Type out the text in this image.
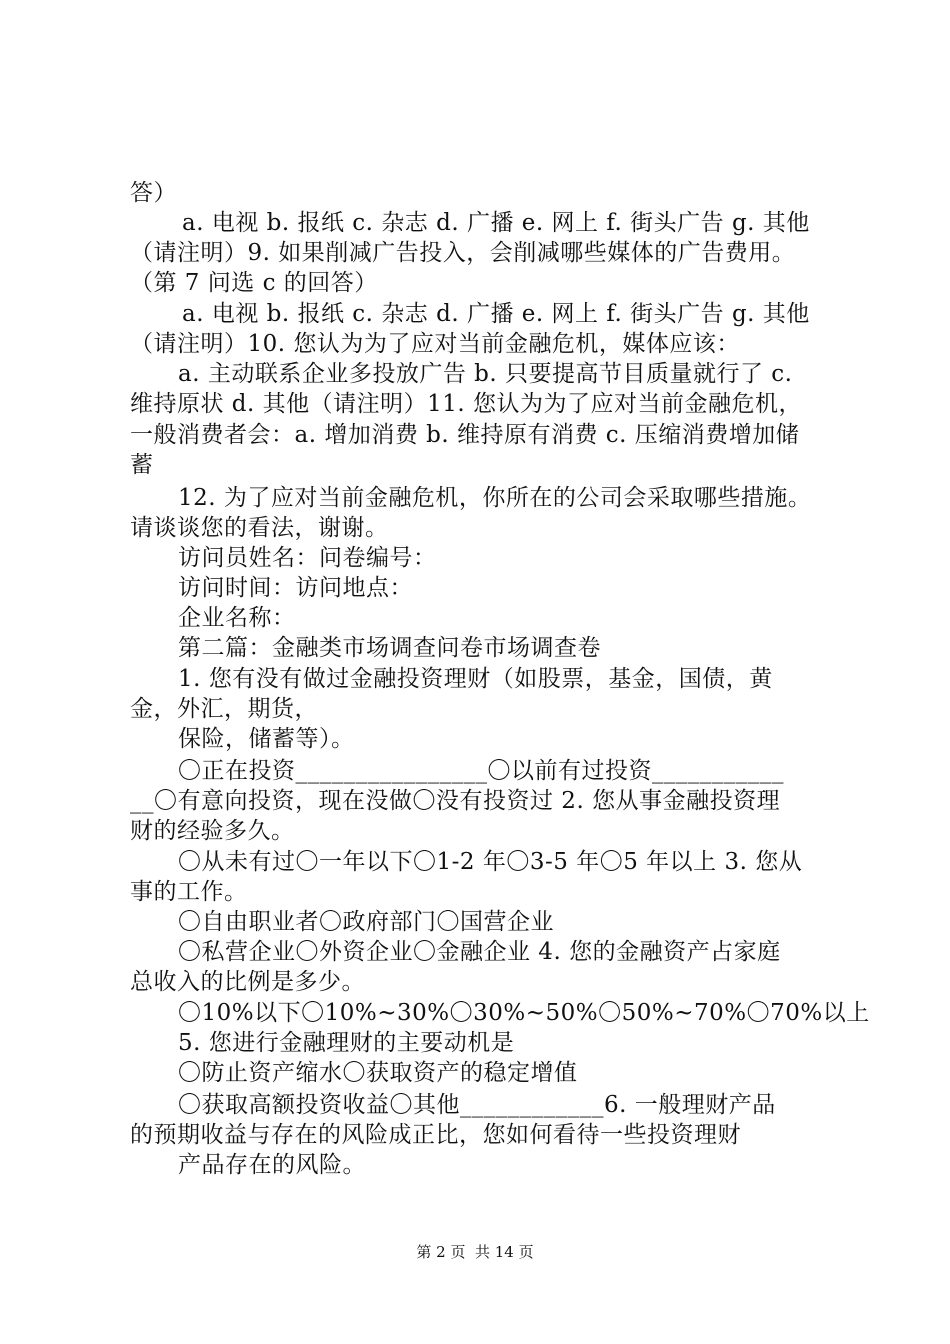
答）
a. 电视 b. 报纸 c. 杂志 d. 广播 e. 网上 f. 街头广告 g. 其他
（请注明）9. 如果削减广告投入，会削减哪些媒体的广告费用。
（第 7 问选 c 的回答）
a. 电视 b. 报纸 c. 杂志 d. 广播 e. 网上 f. 街头广告 g. 其他
（请注明）10. 您认为为了应对当前金融危机，媒体应该：
a. 主动联系企业多投放广告 b. 只要提高节目质量就行了 c.
维持原状 d. 其他（请注明）11. 您认为为了应对当前金融危机，
一般消费者会：a. 增加消费 b. 维持原有消费 c. 压缩消费增加储
蓄
12. 为了应对当前金融危机，你所在的公司会采取哪些措施。
请谈谈您的看法，谢谢。
访问员姓名：问卷编号：
访问时间：访问地点：
企业名称：
第二篇：金融类市场调查问卷市场调查卷
1. 您有没有做过金融投资理财（如股票，基金，国债，黄
金，外汇，期货，
保险，储蓄等）。
〇正在投资________________〇以前有过投资___________
__〇有意向投资，现在没做〇没有投资过 2. 您从事金融投资理
财的经验多久。
〇从未有过〇一年以下〇1-2 年〇3-5 年〇5 年以上 3. 您从
事的工作。
〇自由职业者〇政府部门〇国营企业
〇私营企业〇外资企业〇金融企业 4. 您的金融资产占家庭
总收入的比例是多少。
〇10%以下〇10%~30%〇30%~50%〇50%~70%〇70%以上
5. 您进行金融理财的主要动机是
〇防止资产缩水〇获取资产的稳定增值
〇获取高额投资收益〇其他____________6. 一般理财产品
的预期收益与存在的风险成正比，您如何看待一些投资理财
产品存在的风险。
第 2 页  共 14 页
